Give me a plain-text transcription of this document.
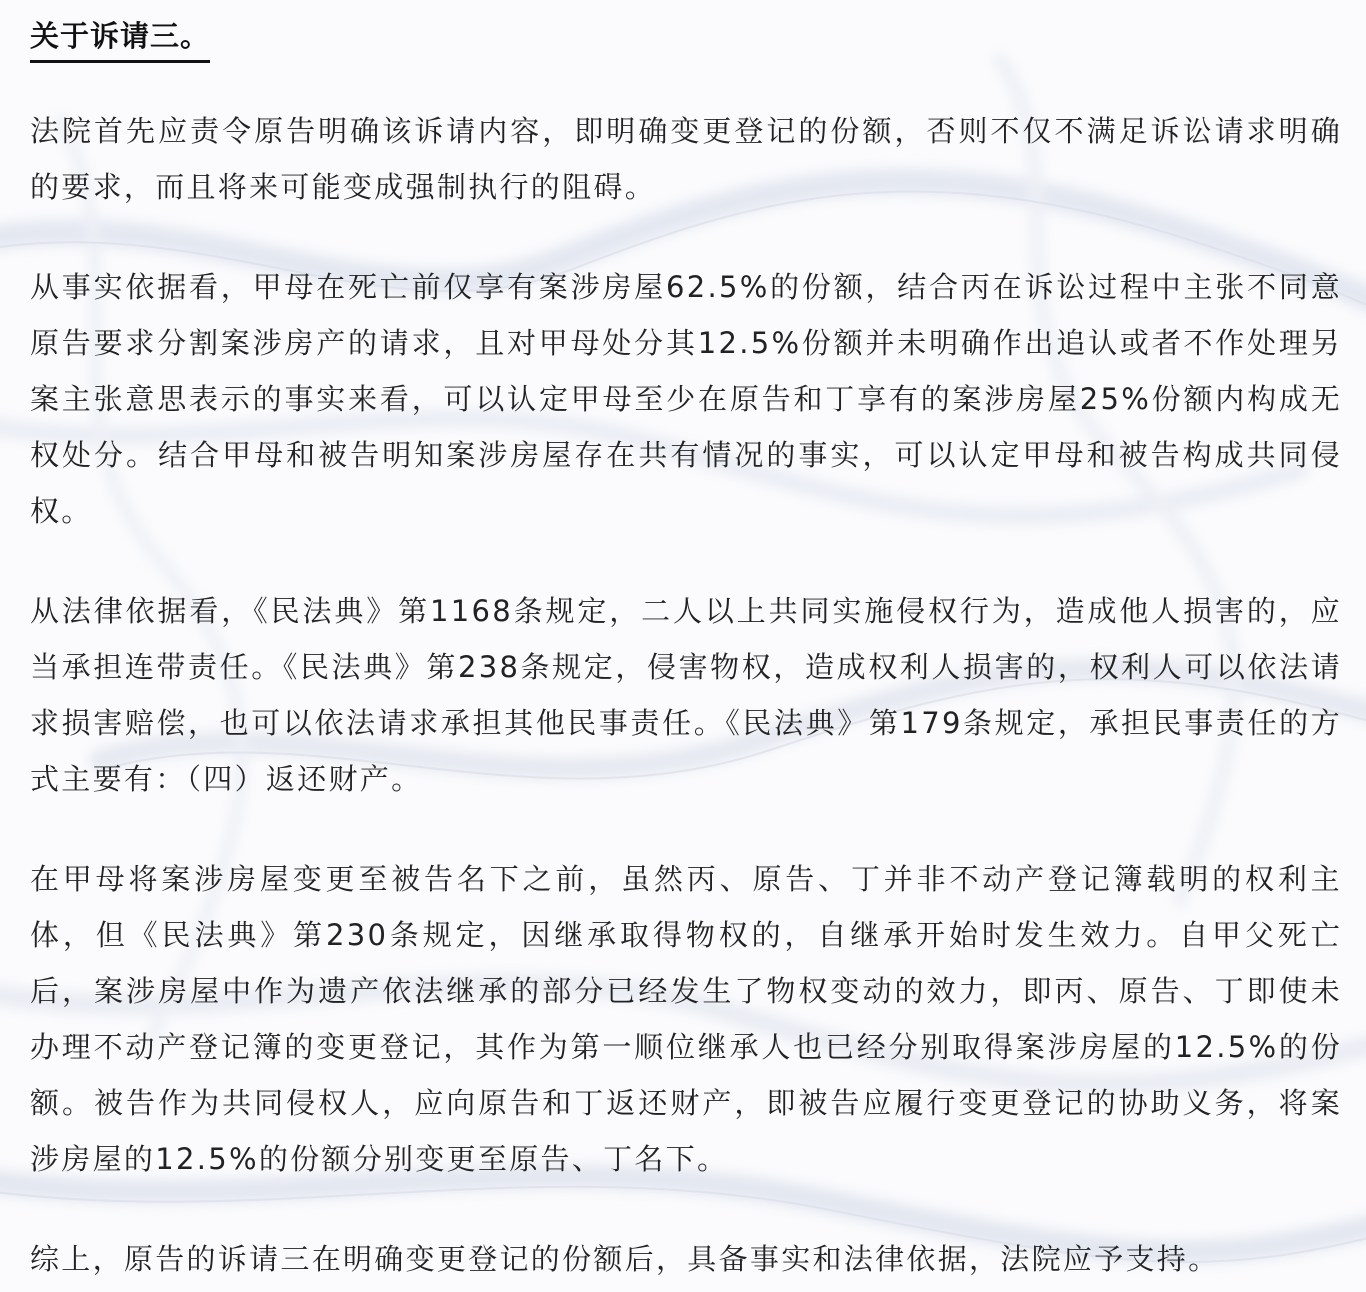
关于诉请三。

法院首先应责令原告明确该诉请内容，即明确变更登记的份额，否则不仅不满足诉讼请求明确的要求，而且将来可能变成强制执行的阻碍。

从事实依据看，甲母在死亡前仅享有案涉房屋62.5%的份额，结合丙在诉讼过程中主张不同意原告要求分割案涉房产的请求，且对甲母处分其12.5%份额并未明确作出追认或者不作处理另案主张意思表示的事实来看，可以认定甲母至少在原告和丁享有的案涉房屋25%份额内构成无权处分。结合甲母和被告明知案涉房屋存在共有情况的事实，可以认定甲母和被告构成共同侵权。

从法律依据看，《民法典》第1168条规定，二人以上共同实施侵权行为，造成他人损害的，应当承担连带责任。《民法典》第238条规定，侵害物权，造成权利人损害的，权利人可以依法请求损害赔偿，也可以依法请求承担其他民事责任。《民法典》第179条规定，承担民事责任的方式主要有：（四）返还财产。

在甲母将案涉房屋变更至被告名下之前，虽然丙、原告、丁并非不动产登记簿载明的权利主体，但《民法典》第230条规定，因继承取得物权的，自继承开始时发生效力。自甲父死亡后，案涉房屋中作为遗产依法继承的部分已经发生了物权变动的效力，即丙、原告、丁即使未办理不动产登记簿的变更登记，其作为第一顺位继承人也已经分别取得案涉房屋的12.5%的份额。被告作为共同侵权人，应向原告和丁返还财产，即被告应履行变更登记的协助义务，将案涉房屋的12.5%的份额分别变更至原告、丁名下。

综上，原告的诉请三在明确变更登记的份额后，具备事实和法律依据，法院应予支持。
